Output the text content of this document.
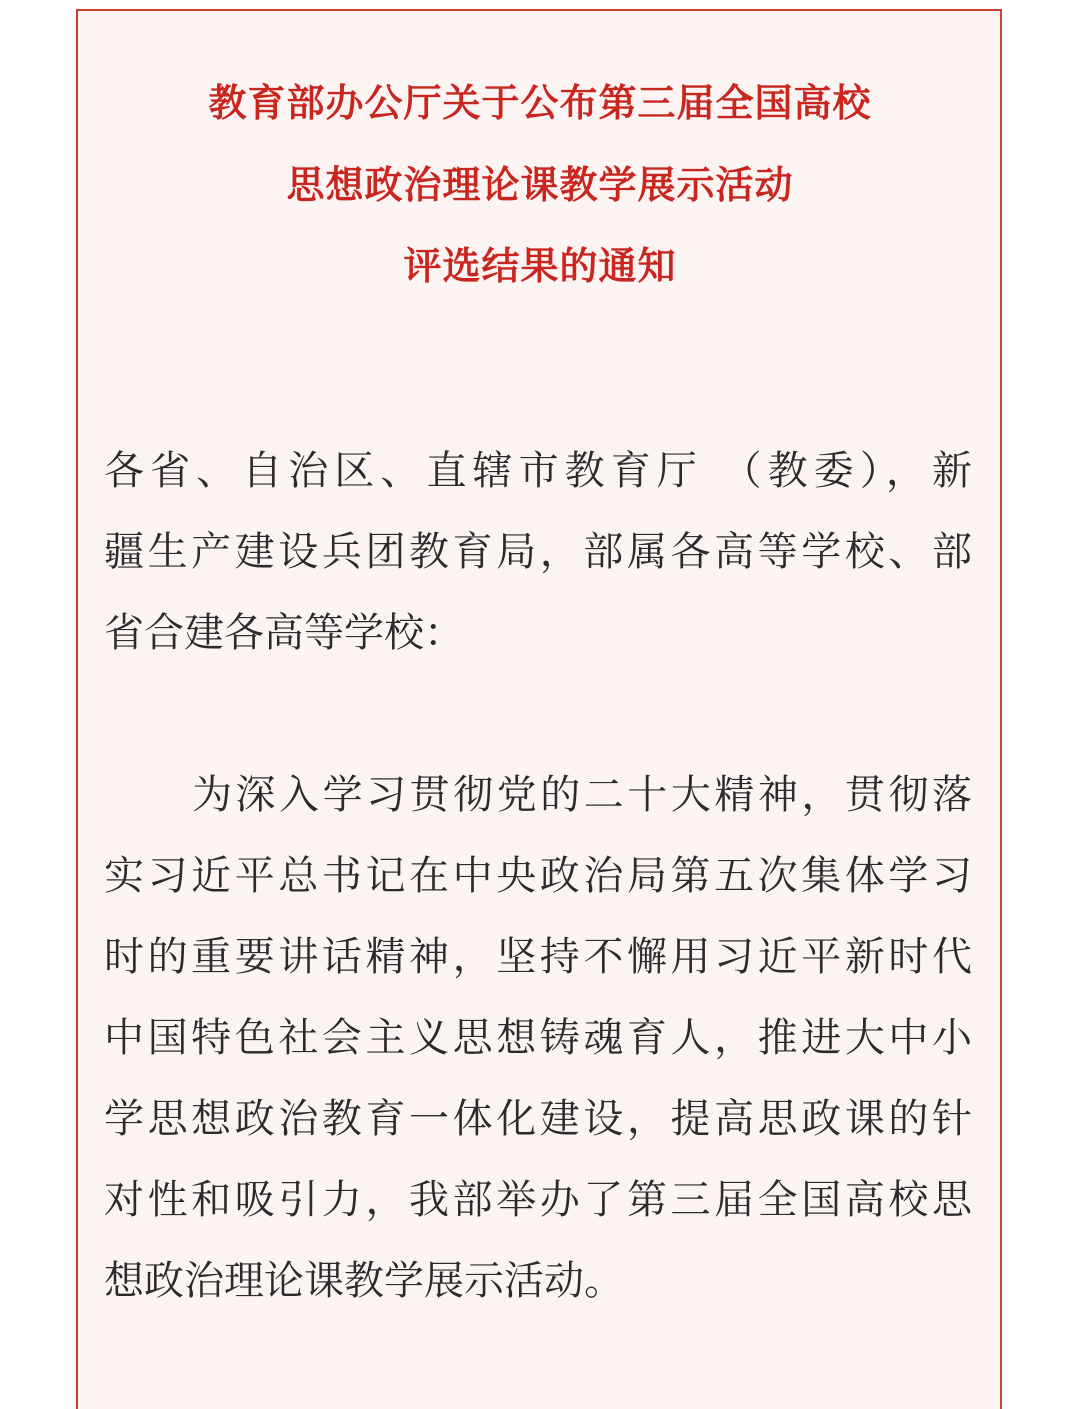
教育部办公厅关于公布第三届全国高校
思想政治理论课教学展示活动
评选结果的通知
各省、自治区、直辖市教育厅 （教委），新
疆生产建设兵团教育局，部属各高等学校、部
省合建各高等学校：
为深入学习贯彻党的二十大精神，贯彻落
实习近平总书记在中央政治局第五次集体学习
时的重要讲话精神，坚持不懈用习近平新时代
中国特色社会主义思想铸魂育人，推进大中小
学思想政治教育一体化建设，提高思政课的针
对性和吸引力，我部举办了第三届全国高校思
想政治理论课教学展示活动。
